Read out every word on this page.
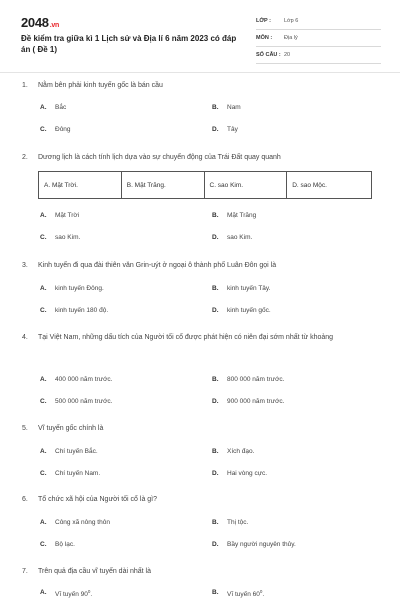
2048.vn
Đề kiểm tra giữa kì 1 Lịch sử và Địa lí 6 năm 2023 có đáp án ( Đề 1)
LỚP : Lớp 6
MÔN : Địa lý
SỐ CÂU : 20
1. Nằm bên phải kinh tuyến gốc là bán cầu
A. Bắc	B. Nam
C. Đông	D. Tây
2. Dương lịch là cách tính lịch dựa vào sự chuyển động của Trái Đất quay quanh
A. Mặt Trời.	B. Mặt Trăng.	C. sao Kim.	D. sao Mộc.
A. Mặt Trời	B. Mặt Trăng
C. sao Kim.	D. sao Kim.
3. Kinh tuyến đi qua đài thiên văn Grin-uýt ở ngoại ô thành phố Luân Đôn gọi là
A. kinh tuyến Đông.	B. kinh tuyến Tây.
C. kinh tuyến 180 độ.	D. kinh tuyến gốc.
4. Tại Việt Nam, những dấu tích của Người tối cổ được phát hiện có niên đại sớm nhất từ khoảng
A. 400 000 năm trước.	B. 800 000 năm trước.
C. 500 000 năm trước.	D. 900 000 năm trước.
5. Vĩ tuyến gốc chính là
A. Chí tuyến Bắc.	B. Xích đạo.
C. Chí tuyến Nam.	D. Hai vòng cực.
6. Tổ chức xã hội của Người tối cổ là gì?
A. Công xã nông thôn	B. Thị tộc.
C. Bộ lạc.	D. Bầy người nguyên thủy.
7. Trên quả địa cầu vĩ tuyến dài nhất là
A. Vĩ tuyến $90^0$.	B. Vĩ tuyến $60^0$.
